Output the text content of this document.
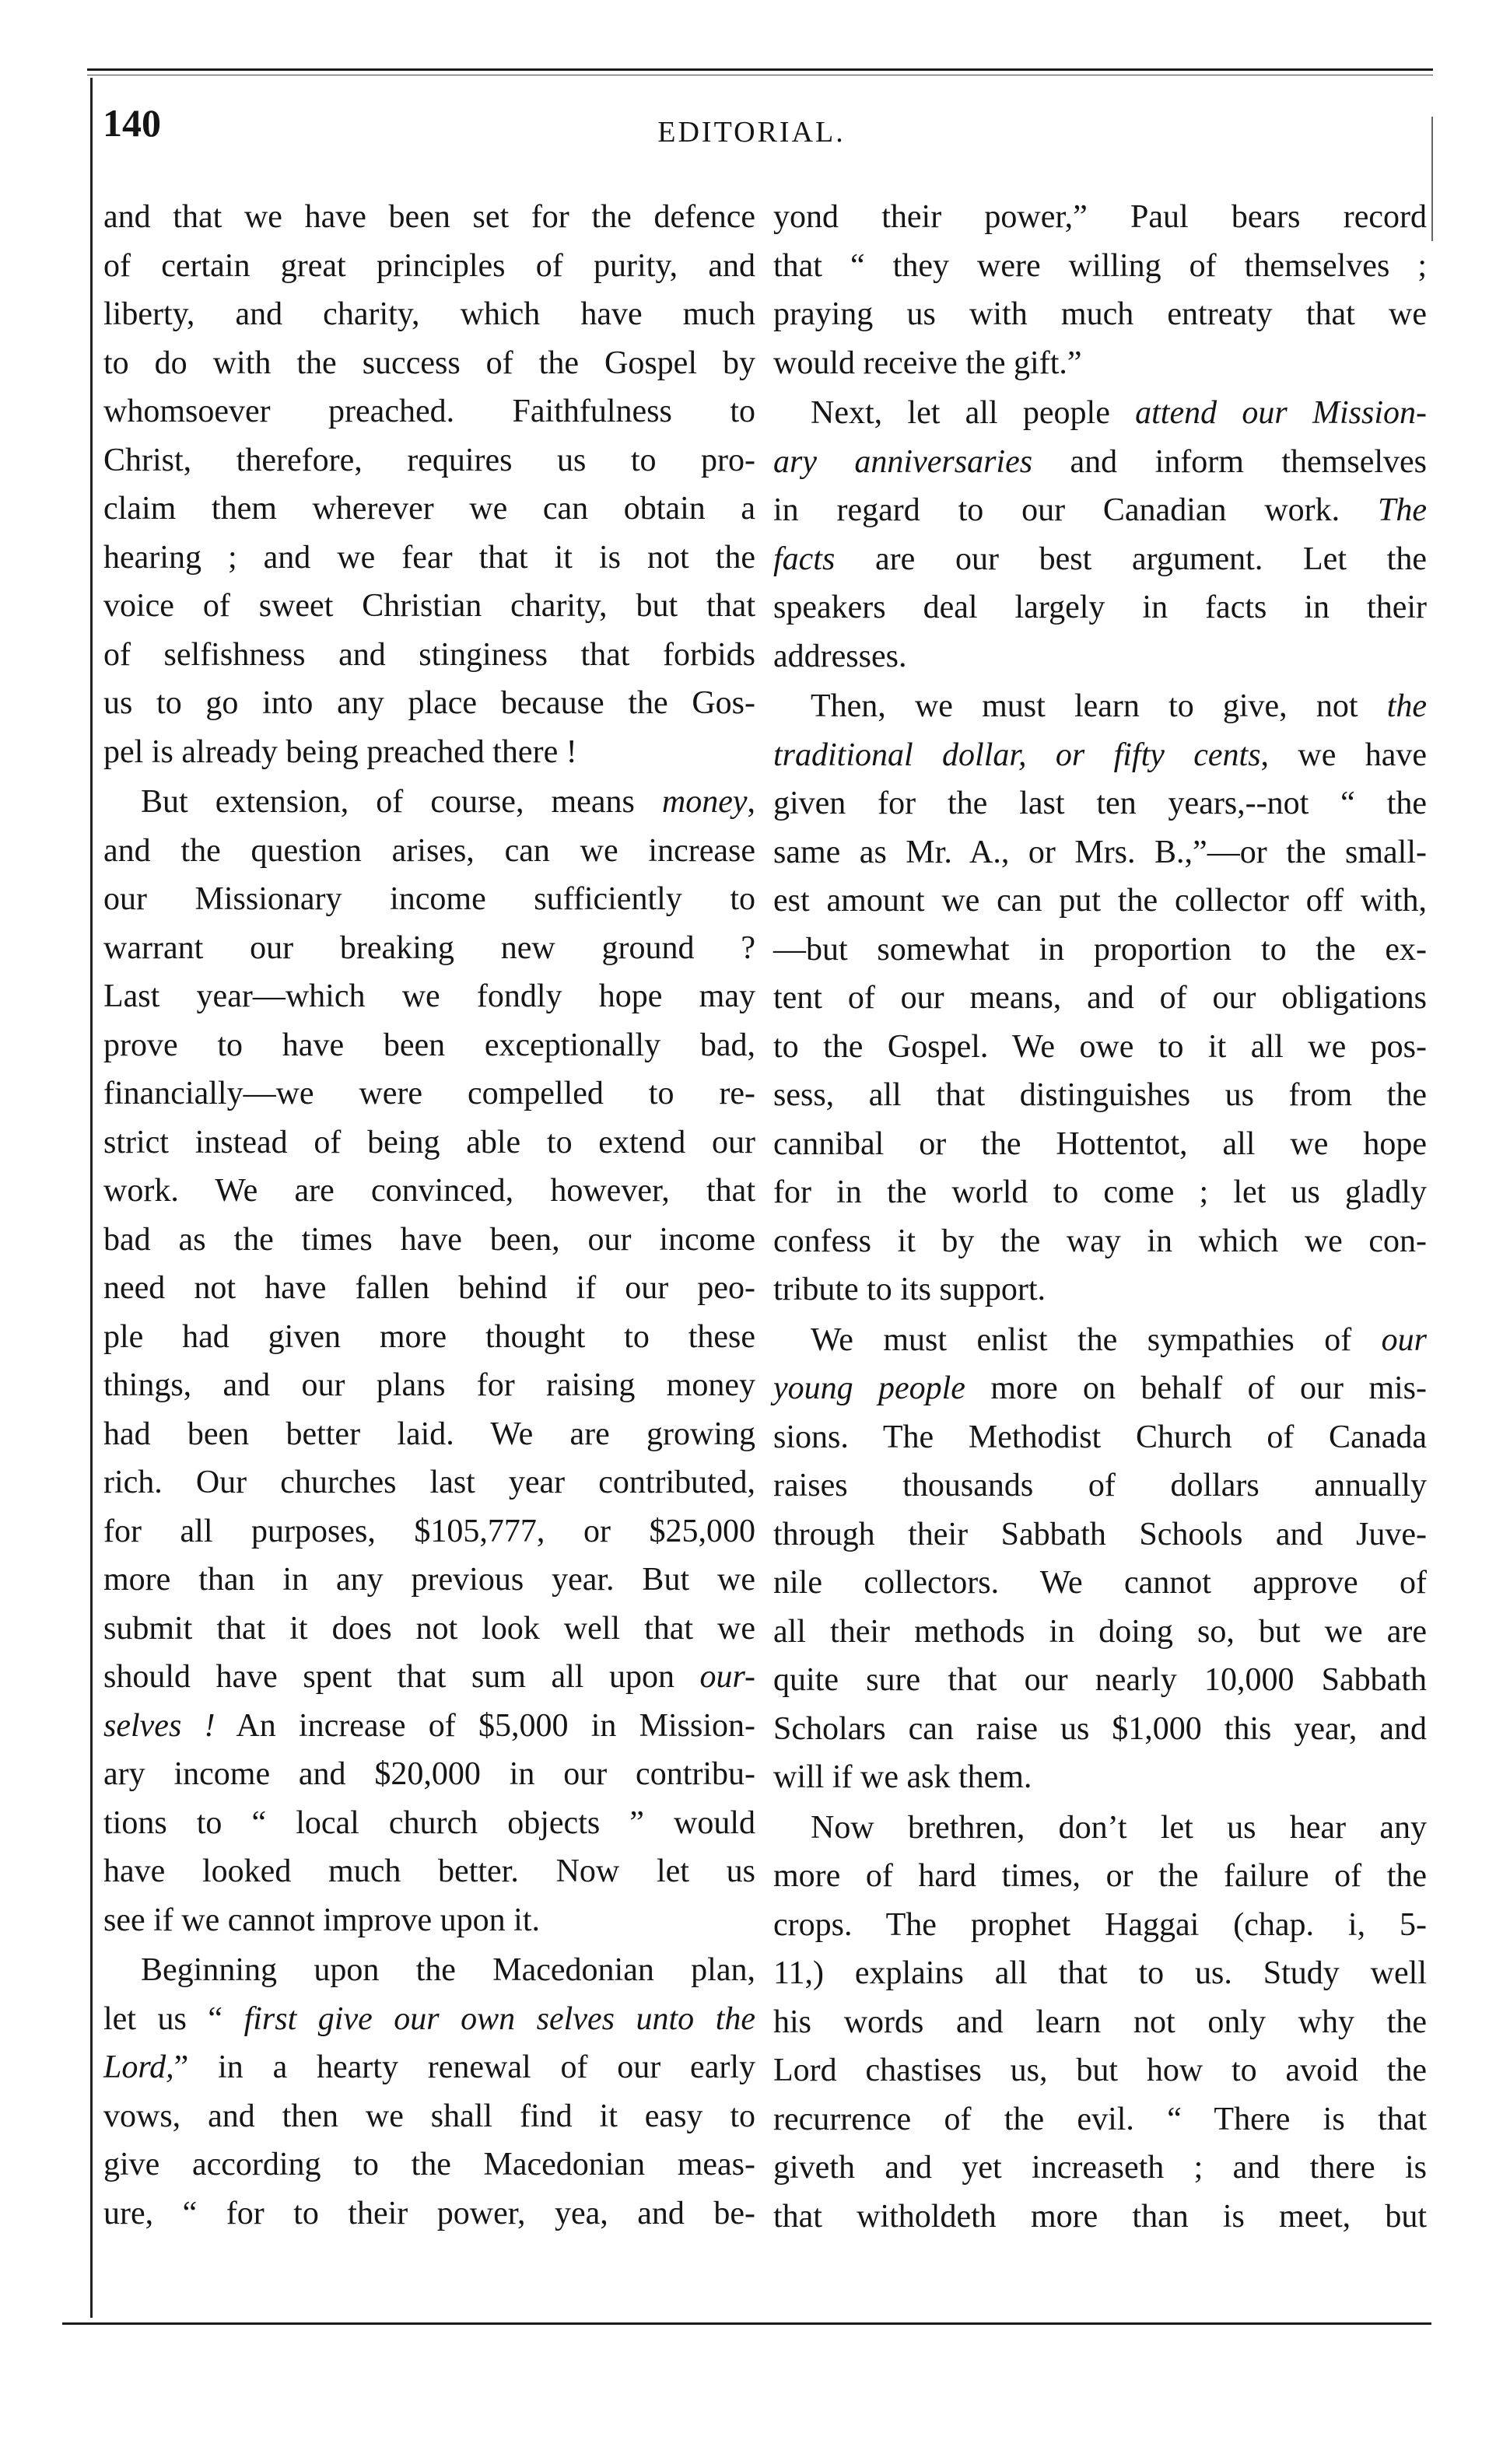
140	EDITORIAL.
and that we have been set for the defence
of certain great principles of purity, and
liberty, and charity, which have much
to do with the success of the Gospel by
whomsoever preached. Faithfulness to
Christ, therefore, requires us to pro-
claim them wherever we can obtain a
hearing ; and we fear that it is not the
voice of sweet Christian charity, but that
of selfishness and stinginess that forbids
us to go into any place because the Gos-
pel is already being preached there !
But extension, of course, means money,
and the question arises, can we increase
our Missionary income sufficiently to
warrant our breaking new ground ?
Last year—which we fondly hope may
prove to have been exceptionally bad,
financially—we were compelled to re-
strict instead of being able to extend our
work. We are convinced, however, that
bad as the times have been, our income
need not have fallen behind if our peo-
ple had given more thought to these
things, and our plans for raising money
had been better laid. We are growing
rich. Our churches last year contributed,
for all purposes, $105,777, or $25,000
more than in any previous year. But we
submit that it does not look well that we
should have spent that sum all upon our-
selves ! An increase of $5,000 in Mission-
ary income and $20,000 in our contribu-
tions to “ local church objects ” would
have looked much better. Now let us
see if we cannot improve upon it.
Beginning upon the Macedonian plan,
let us “ first give our own selves unto the
Lord,” in a hearty renewal of our early
vows, and then we shall find it easy to
give according to the Macedonian meas-
ure, “ for to their power, yea, and be-
yond their power,” Paul bears record
that “ they were willing of themselves ;
praying us with much entreaty that we
would receive the gift.”
Next, let all people attend our Mission-
ary anniversaries and inform themselves
in regard to our Canadian work. The
facts are our best argument. Let the
speakers deal largely in facts in their
addresses.
Then, we must learn to give, not the
traditional dollar, or fifty cents, we have
given for the last ten years,--not “ the
same as Mr. A., or Mrs. B.,”—or the small-
est amount we can put the collector off with,
—but somewhat in proportion to the ex-
tent of our means, and of our obligations
to the Gospel. We owe to it all we pos-
sess, all that distinguishes us from the
cannibal or the Hottentot, all we hope
for in the world to come ; let us gladly
confess it by the way in which we con-
tribute to its support.
We must enlist the sympathies of our
young people more on behalf of our mis-
sions. The Methodist Church of Canada
raises thousands of dollars annually
through their Sabbath Schools and Juve-
nile collectors. We cannot approve of
all their methods in doing so, but we are
quite sure that our nearly 10,000 Sabbath
Scholars can raise us $1,000 this year, and
will if we ask them.
Now brethren, don’t let us hear any
more of hard times, or the failure of the
crops. The prophet Haggai (chap. i, 5-
11,) explains all that to us. Study well
his words and learn not only why the
Lord chastises us, but how to avoid the
recurrence of the evil. “ There is that
giveth and yet increaseth ; and there is
that witholdeth more than is meet, but
